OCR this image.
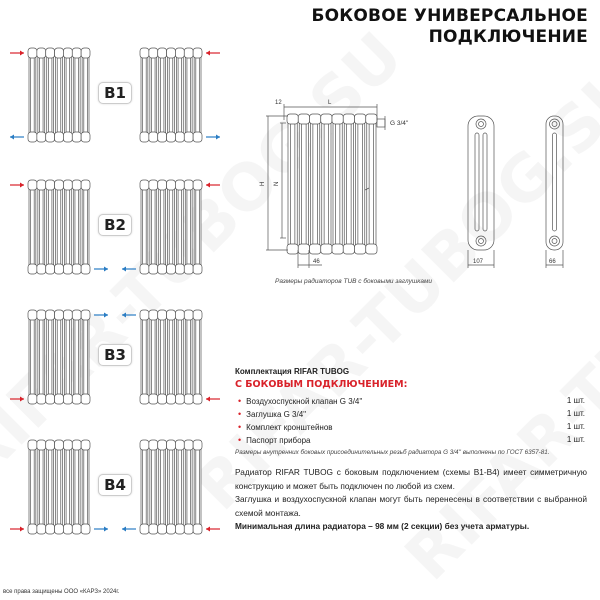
БОКОВОЕ УНИВЕРСАЛЬНОЕ
ПОДКЛЮЧЕНИЕ
B1
B2
B3
B4
12	L
G 3/4''
H N
46	107	66
Размеры радиаторов TUB с боковыми заглушками
Комплектация RIFAR TUBOG
С БОКОВЫМ ПОДКЛЮЧЕНИЕМ:
• Воздухоспускной клапан G 3/4''	1 шт.
• Заглушка G 3/4''	1 шт.
• Комплект кронштейнов	1 шт.
• Паспорт прибора	1 шт.
Размеры внутренних боковых присоединительных резьб радиатора G 3/4'' выполнены по ГОСТ 6357-81.

Радиатор RIFAR TUBOG с боковым подключением (схемы В1-В4) имеет симметричную конструкцию и может быть подключен по любой из схем.

Заглушка и воздухоспускной клапан могут быть перенесены в соответствии с выбранной схемой монтажа.

Минимальная длина радиатора – 98 мм (2 секции) без учета арматуры.

все права защищены ООО «КАРЗ» 2024г.
